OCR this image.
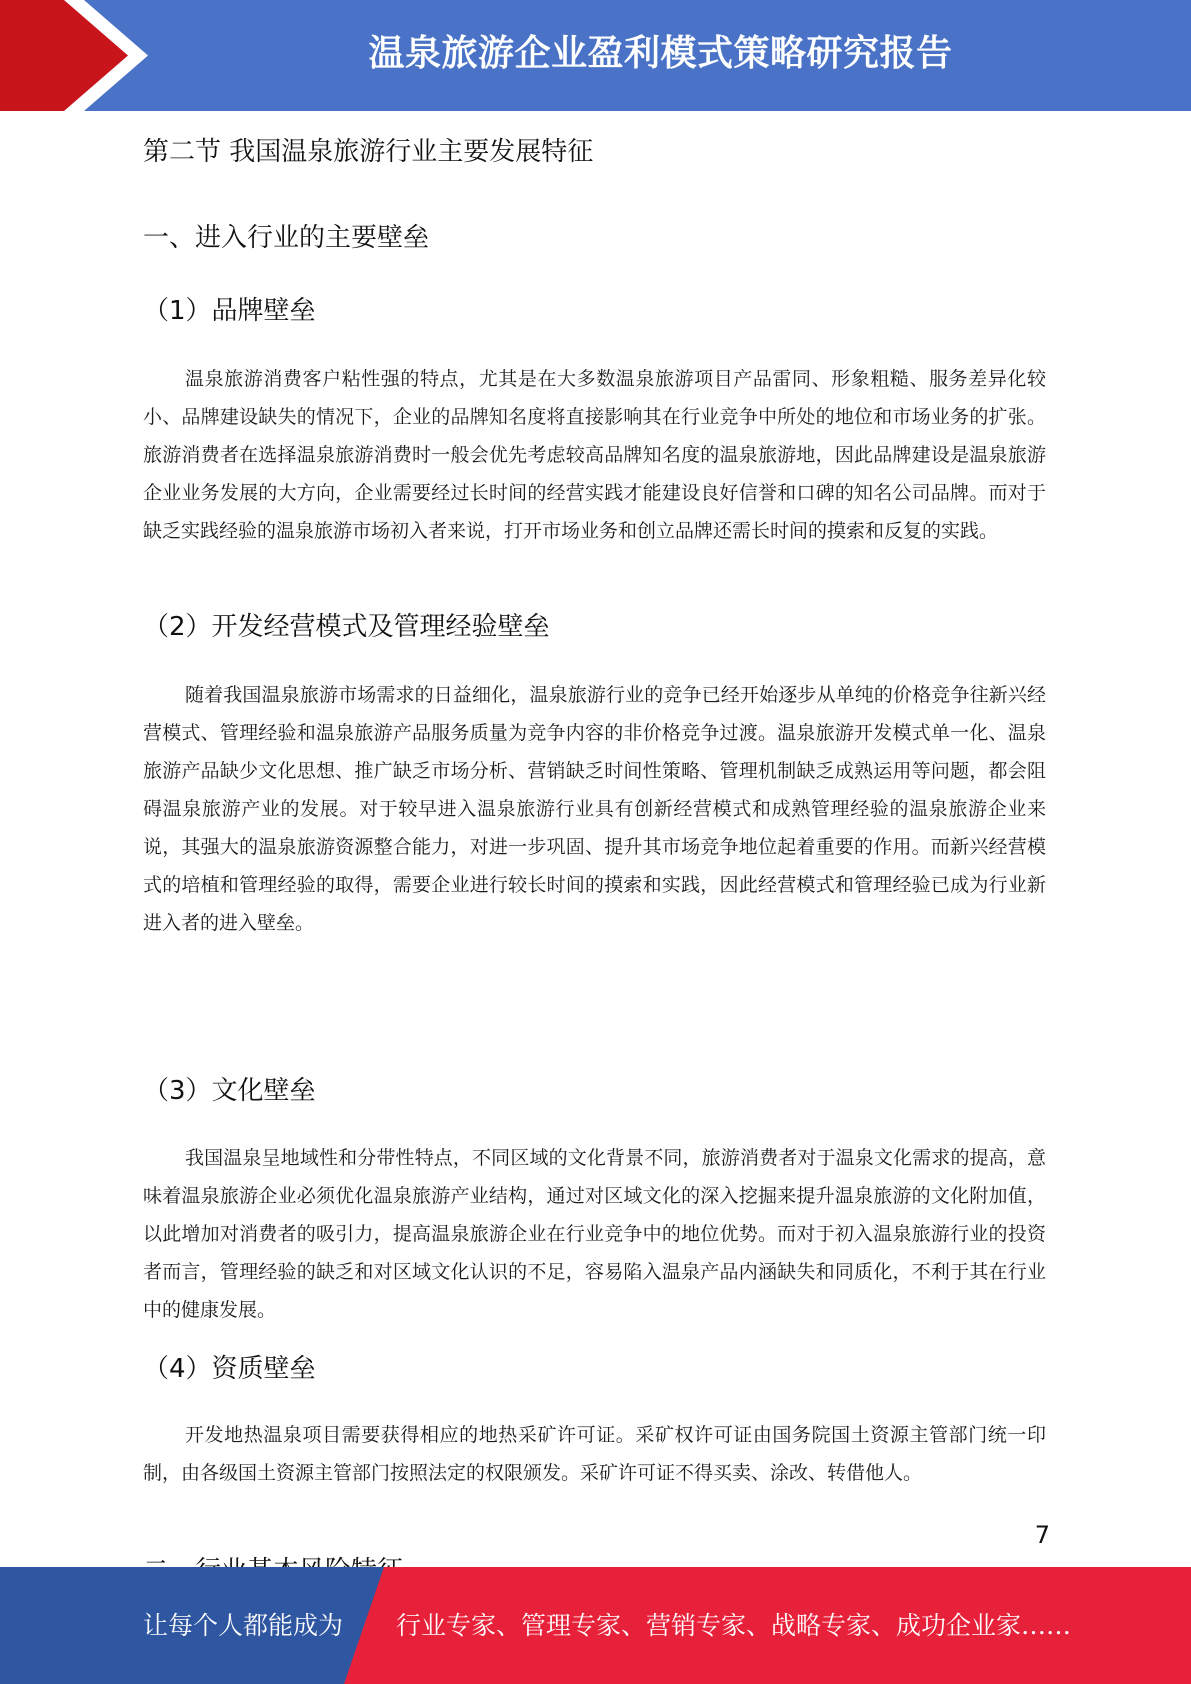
温泉旅游企业盈利模式策略研究报告
第二节 我国温泉旅游行业主要发展特征
一、进入行业的主要壁垒
（1）品牌壁垒

温泉旅游消费客户粘性强的特点，尤其是在大多数温泉旅游项目产品雷同、形象粗糙、服务差异化较小、品牌建设缺失的情况下，企业的品牌知名度将直接影响其在行业竞争中所处的地位和市场业务的扩张。旅游消费者在选择温泉旅游消费时一般会优先考虑较高品牌知名度的温泉旅游地，因此品牌建设是温泉旅游企业业务发展的大方向，企业需要经过长时间的经营实践才能建设良好信誉和口碑的知名公司品牌。而对于缺乏实践经验的温泉旅游市场初入者来说，打开市场业务和创立品牌还需长时间的摸索和反复的实践。

（2）开发经营模式及管理经验壁垒

随着我国温泉旅游市场需求的日益细化，温泉旅游行业的竞争已经开始逐步从单纯的价格竞争往新兴经营模式、管理经验和温泉旅游产品服务质量为竞争内容的非价格竞争过渡。温泉旅游开发模式单一化、温泉旅游产品缺少文化思想、推广缺乏市场分析、营销缺乏时间性策略、管理机制缺乏成熟运用等问题，都会阻碍温泉旅游产业的发展。对于较早进入温泉旅游行业具有创新经营模式和成熟管理经验的温泉旅游企业来说，其强大的温泉旅游资源整合能力，对进一步巩固、提升其市场竞争地位起着重要的作用。而新兴经营模式的培植和管理经验的取得，需要企业进行较长时间的摸索和实践，因此经营模式和管理经验已成为行业新进入者的进入壁垒。

（3）文化壁垒

我国温泉呈地域性和分带性特点，不同区域的文化背景不同，旅游消费者对于温泉文化需求的提高，意味着温泉旅游企业必须优化温泉旅游产业结构，通过对区域文化的深入挖掘来提升温泉旅游的文化附加值，以此增加对消费者的吸引力，提高温泉旅游企业在行业竞争中的地位优势。而对于初入温泉旅游行业的投资者而言，管理经验的缺乏和对区域文化认识的不足，容易陷入温泉产品内涵缺失和同质化，不利于其在行业中的健康发展。

（4）资质壁垒

开发地热温泉项目需要获得相应的地热采矿许可证。采矿权许可证由国务院国土资源主管部门统一印制，由各级国土资源主管部门按照法定的权限颁发。采矿许可证不得买卖、涂改、转借他人。

7
让每个人都能成为 行业专家、管理专家、营销专家、战略专家、成功企业家……
